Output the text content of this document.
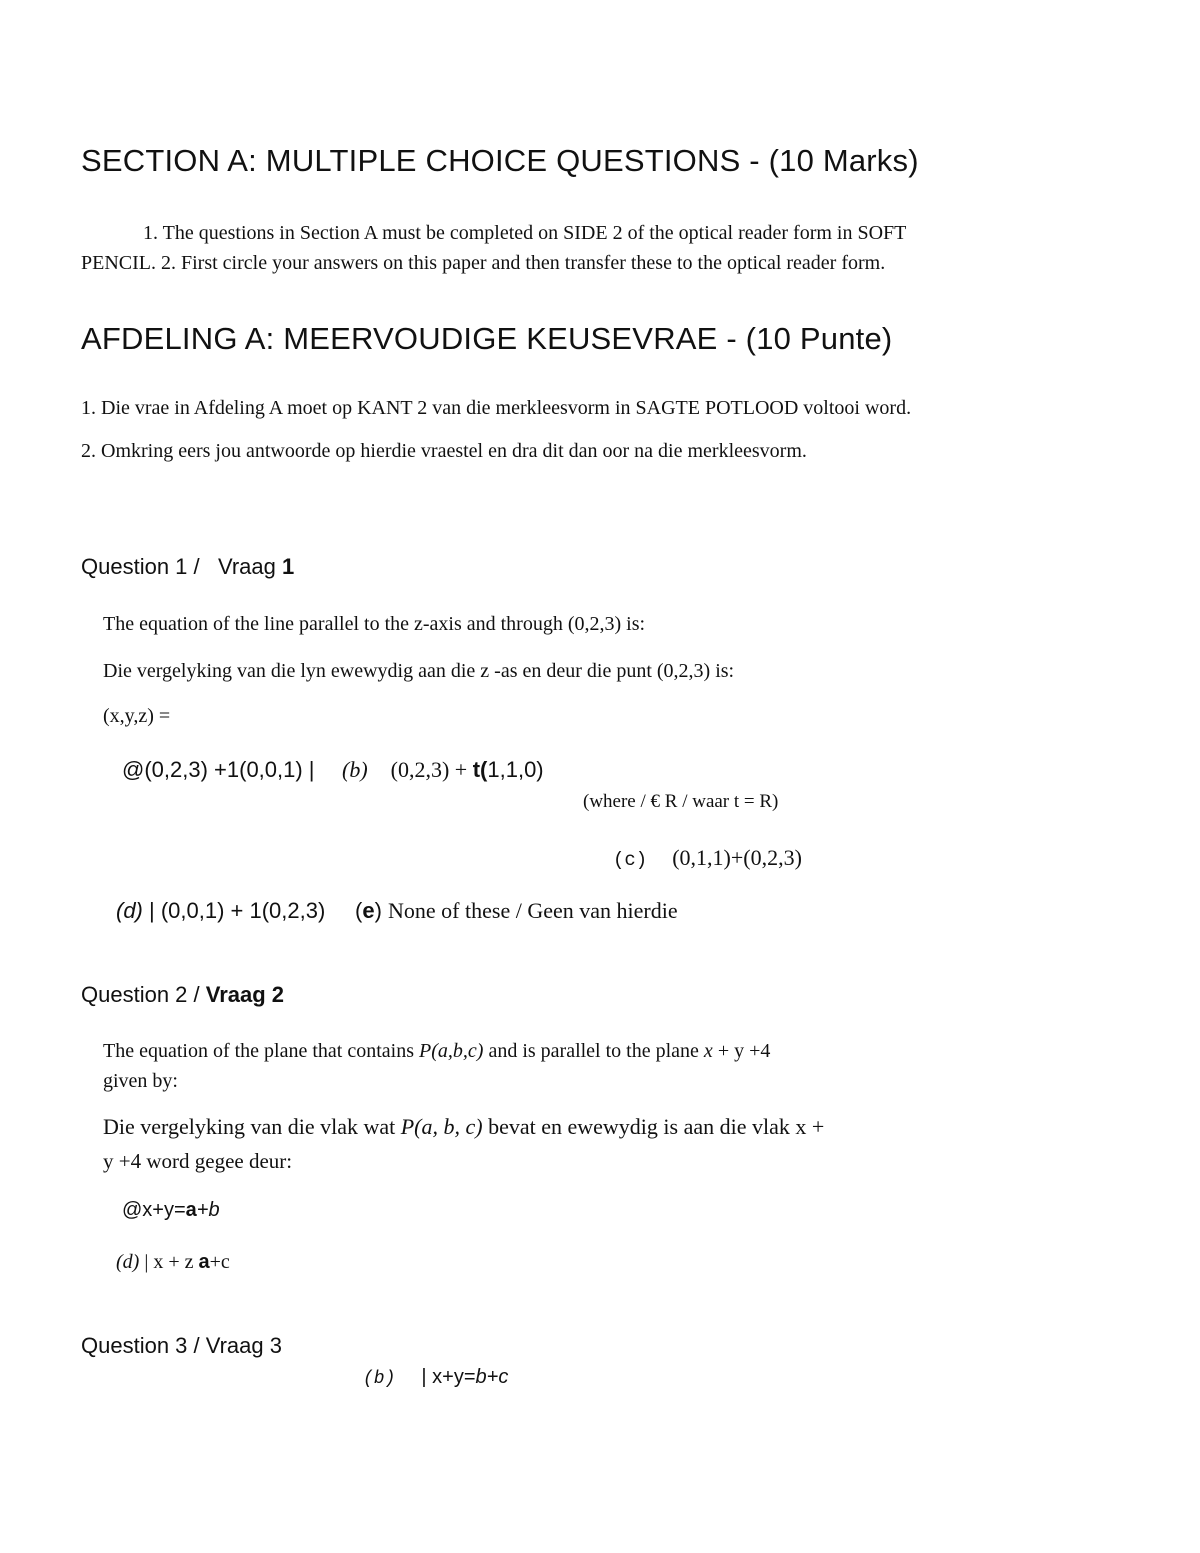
SECTION A: MULTIPLE CHOICE QUESTIONS - (10 Marks)
1. The questions in Section A must be completed on SIDE 2 of the optical reader form in SOFT
PENCIL. 2. First circle your answers on this paper and then transfer these to the optical reader form.
AFDELING A: MEERVOUDIGE KEUSEVRAE - (10 Punte)
1. Die vrae in Afdeling A moet op KANT 2 van die merkleesvorm in SAGTE POTLOOD voltooi word.
2. Omkring eers jou antwoorde op hierdie vraestel en dra dit dan oor na die merkleesvorm.
Question 1 /   Vraag 1
The equation of the line parallel to the z-axis and through (0,2,3) is:
Die vergelyking van die lyn ewewydig aan die z -as en deur die punt (0,2,3) is:
(x,y,z) =
@(0,2,3) +1(0,0,1) | (b) (0,2,3) + t(1,1,0)
(where / € R / waar t = R)
(c) (0,1,1)+(0,2,3)
(d) | (0,0,1) + 1(0,2,3) (e) None of these / Geen van hierdie
Question 2 / Vraag 2
The equation of the plane that contains P(a,b,c) and is parallel to the plane x + y +4
given by:
Die vergelyking van die vlak wat P(a, b, c) bevat en ewewydig is aan die vlak x +
y +4 word gegee deur:
@x+y=a+b
(d) | x + z a+c
Question 3 / Vraag 3
(b) | x+y=b+c
